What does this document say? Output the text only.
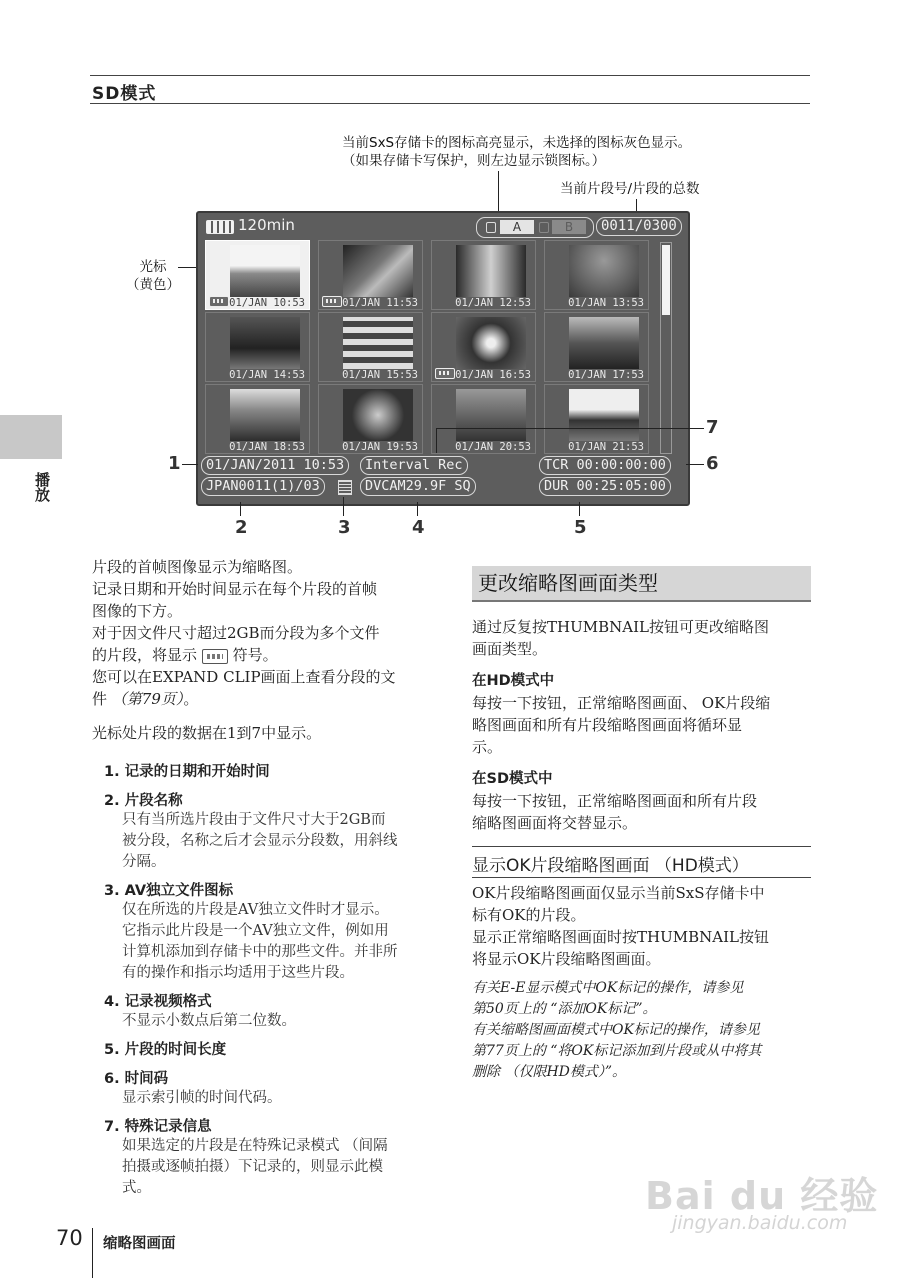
SD模式
当前SxS存储卡的图标高亮显示，未选择的图标灰色显示。
（如果存储卡写保护，则左边显示锁图标。）
当前片段号/片段的总数
光标
（黄色）
播放
120min	A	B	0011/0300
01/JAN 10:53	01/JAN 11:53	01/JAN 12:53	01/JAN 13:53
01/JAN 14:53	01/JAN 15:53	01/JAN 16:53	01/JAN 17:53
01/JAN 18:53	01/JAN 19:53	01/JAN 20:53	01/JAN 21:53
01/JAN/2011 10:53	Interval Rec	TCR 00:00:00:00
JPAN0011(1)/03	DVCAM29.9F SQ	DUR 00:25:05:00
1
2	3	4	5
6
7
片段的首帧图像显示为缩略图。
记录日期和开始时间显示在每个片段的首帧
图像的下方。
对于因文件尺寸超过2GB而分段为多个文件
的片段，将显示 符号。
您可以在EXPAND CLIP画面上查看分段的文
件 （第79页）。
光标处片段的数据在1到7中显示。
1. 记录的日期和开始时间
2. 片段名称
只有当所选片段由于文件尺寸大于2GB而
被分段，名称之后才会显示分段数，用斜线
分隔。
3. AV独立文件图标
仅在所选的片段是AV独立文件时才显示。
它指示此片段是一个AV独立文件，例如用
计算机添加到存储卡中的那些文件。并非所
有的操作和指示均适用于这些片段。
4. 记录视频格式
不显示小数点后第二位数。
5. 片段的时间长度
6. 时间码
显示索引帧的时间代码。
7. 特殊记录信息
如果选定的片段是在特殊记录模式 （间隔
拍摄或逐帧拍摄）下记录的，则显示此模
式。
更改缩略图画面类型
通过反复按THUMBNAIL按钮可更改缩略图
画面类型。
在HD模式中
每按一下按钮，正常缩略图画面、 OK片段缩
略图画面和所有片段缩略图画面将循环显
示。
在SD模式中
每按一下按钮，正常缩略图画面和所有片段
缩略图画面将交替显示。
显示OK片段缩略图画面 （HD模式）
OK片段缩略图画面仅显示当前SxS存储卡中
标有OK的片段。
显示正常缩略图画面时按THUMBNAIL按钮
将显示OK片段缩略图画面。
有关E-E显示模式中OK标记的操作，请参见
第50页上的 “添加OK标记”。
有关缩略图画面模式中OK标记的操作，请参见
第77页上的 “将OK标记添加到片段或从中将其
删除 （仅限HD模式）”。
Bai du 经验
jingyan.baidu.com
70 缩略图画面
